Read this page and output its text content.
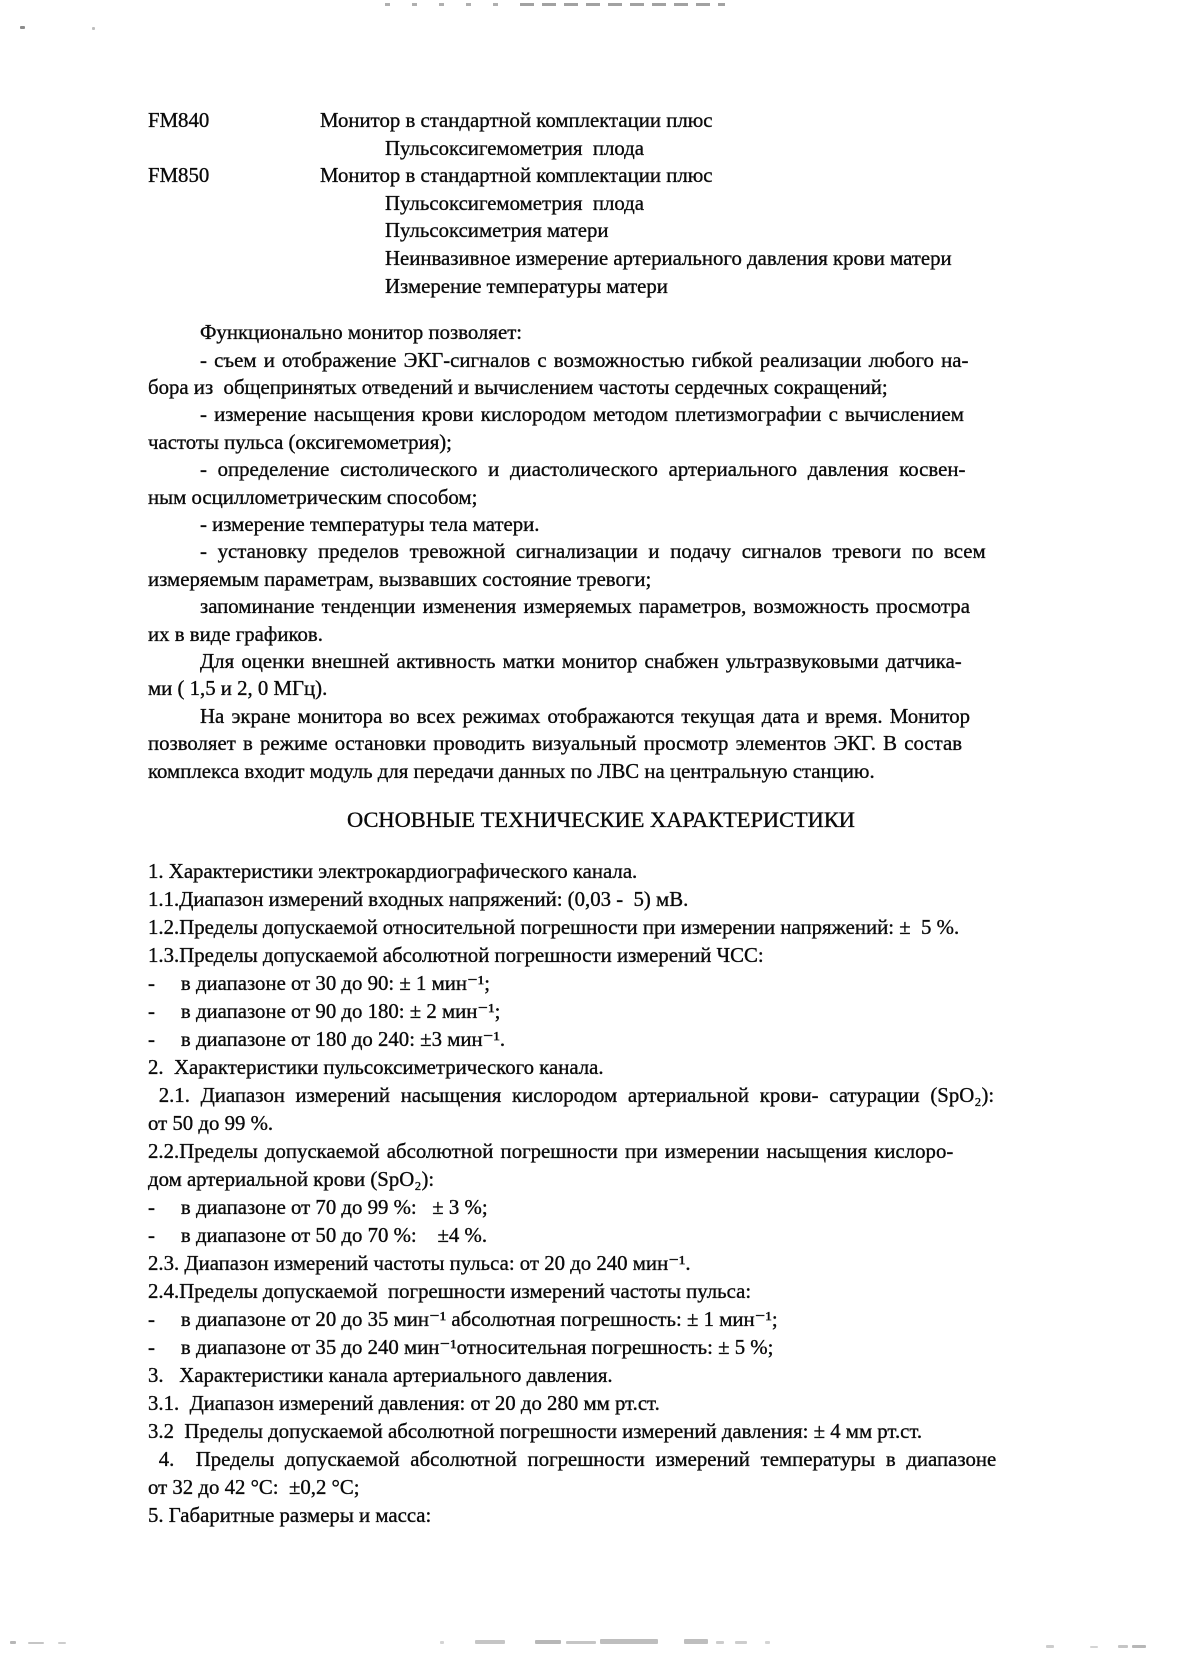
FM840	Монитор в стандартной комплектации плюс
Пульсоксигемометрия  плода
FM850	Монитор в стандартной комплектации плюс
Пульсоксигемометрия  плода
Пульсоксиметрия матери
Неинвазивное измерение артериального давления крови матери
Измерение температуры матери
Функционально монитор позволяет:
- съем и отображение ЭКГ-сигналов с возможностью гибкой реализации любого на-
бора из  общепринятых отведений и вычислением частоты сердечных сокращений;
- измерение насыщения крови кислородом методом плетизмографии с вычислением
частоты пульса (оксигемометрия);
- определение систолического и диастолического артериального давления косвен-
ным осциллометрическим способом;
- измерение температуры тела матери.
- установку пределов тревожной сигнализации и подачу сигналов тревоги по всем
измеряемым параметрам, вызвавших состояние тревоги;
запоминание тенденции изменения измеряемых параметров, возможность просмотра
их в виде графиков.
Для оценки внешней активность матки монитор снабжен ультразвуковыми датчика-
ми ( 1,5 и 2, 0 МГц).
На экране монитора во всех режимах отображаются текущая дата и время. Монитор
позволяет в режиме остановки проводить визуальный просмотр элементов ЭКГ. В состав
комплекса входит модуль для передачи данных по ЛВС на центральную станцию.
ОСНОВНЫЕ ТЕХНИЧЕСКИЕ ХАРАКТЕРИСТИКИ
1. Характеристики электрокардиографического канала.
1.1.Диапазон измерений входных напряжений: (0,03 -  5) мВ.
1.2.Пределы допускаемой относительной погрешности при измерении напряжений: ±  5 %.
1.3.Пределы допускаемой абсолютной погрешности измерений ЧСС:
-     в диапазоне от 30 до 90: ± 1 мин⁻¹;
-     в диапазоне от 90 до 180: ± 2 мин⁻¹;
-     в диапазоне от 180 до 240: ±3 мин⁻¹.
2.  Характеристики пульсоксиметрического канала.
2.1. Диапазон измерений насыщения кислородом артериальной крови- сатурации (SpO₂):
от 50 до 99 %.
2.2.Пределы допускаемой абсолютной погрешности при измерении насыщения кислоро-
дом артериальной крови (SpO₂):
-     в диапазоне от 70 до 99 %:   ± 3 %;
-     в диапазоне от 50 до 70 %:    ±4 %.
2.3. Диапазон измерений частоты пульса: от 20 до 240 мин⁻¹.
2.4.Пределы допускаемой  погрешности измерений частоты пульса:
-     в диапазоне от 20 до 35 мин⁻¹ абсолютная погрешность: ± 1 мин⁻¹;
-     в диапазоне от 35 до 240 мин⁻¹относительная погрешность: ± 5 %;
3.   Характеристики канала артериального давления.
3.1.  Диапазон измерений давления: от 20 до 280 мм рт.ст.
3.2  Пределы допускаемой абсолютной погрешности измерений давления: ± 4 мм рт.ст.
4.  Пределы допускаемой абсолютной погрешности измерений температуры в диапазоне
от 32 до 42 °С:  ±0,2 °С;
5. Габаритные размеры и масса:
